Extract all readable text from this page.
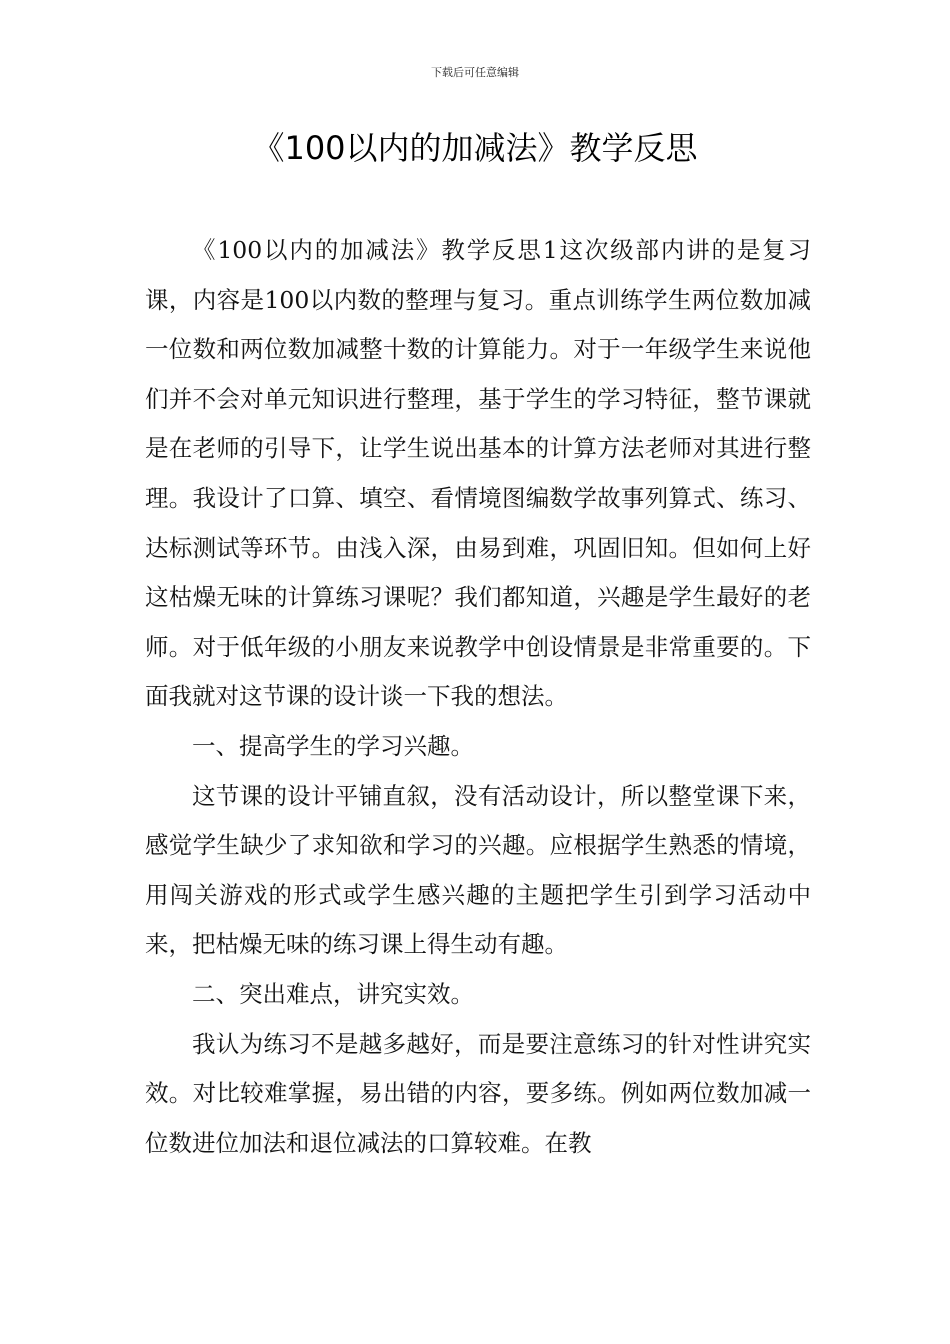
下载后可任意编辑
《100以内的加减法》教学反思

《100以内的加减法》教学反思1这次级部内讲的是复习课，内容是100以内数的整理与复习。重点训练学生两位数加减一位数和两位数加减整十数的计算能力。对于一年级学生来说他们并不会对单元知识进行整理，基于学生的学习特征，整节课就是在老师的引导下，让学生说出基本的计算方法老师对其进行整理。我设计了口算、填空、看情境图编数学故事列算式、练习、达标测试等环节。由浅入深，由易到难，巩固旧知。但如何上好这枯燥无味的计算练习课呢？我们都知道，兴趣是学生最好的老师。对于低年级的小朋友来说教学中创设情景是非常重要的。下面我就对这节课的设计谈一下我的想法。

一、提高学生的学习兴趣。

这节课的设计平铺直叙，没有活动设计，所以整堂课下来，感觉学生缺少了求知欲和学习的兴趣。应根据学生熟悉的情境，用闯关游戏的形式或学生感兴趣的主题把学生引到学习活动中来，把枯燥无味的练习课上得生动有趣。

二、突出难点，讲究实效。

我认为练习不是越多越好，而是要注意练习的针对性讲究实效。对比较难掌握，易出错的内容，要多练。例如两位数加减一位数进位加法和退位减法的口算较难。在教
